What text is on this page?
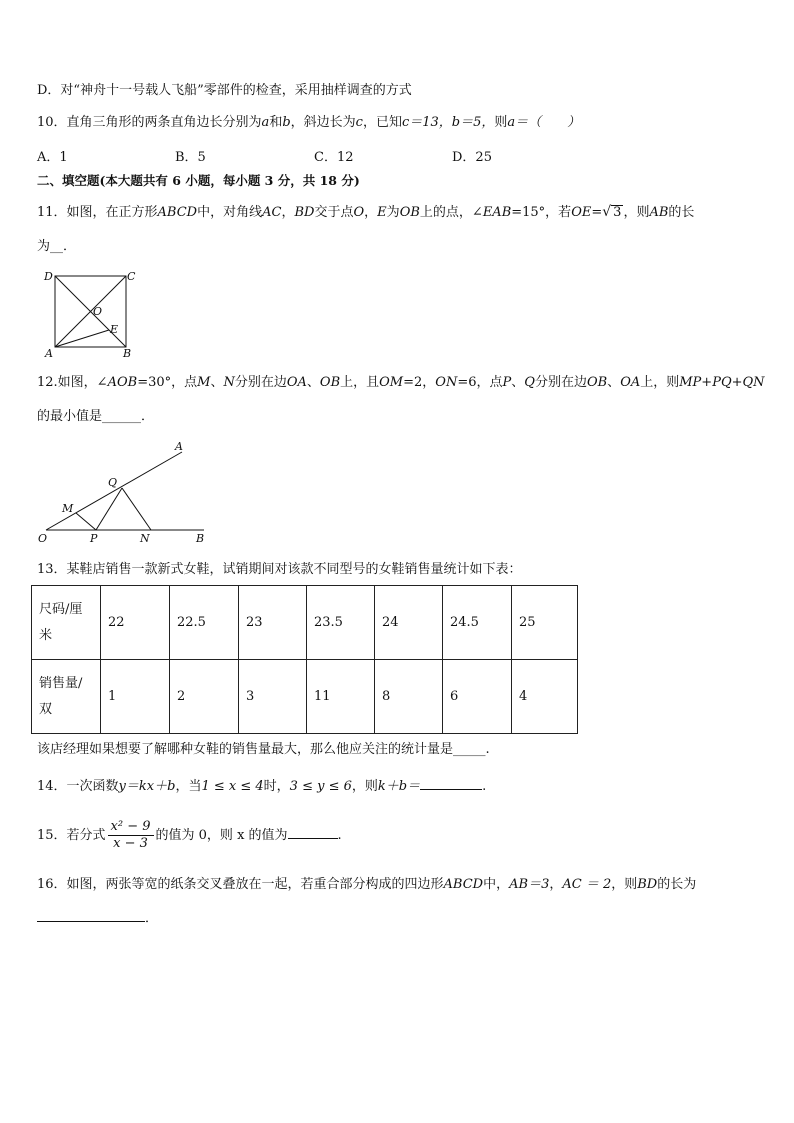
D．对“神舟十一号载人飞船”零部件的检查，采用抽样调查的方式
10．直角三角形的两条直角边长分别为a和b，斜边长为c，已知c＝13，b＝5，则a＝（　　）
A．1	B．5	C．12	D．25
二、填空题(本大题共有 6 小题，每小题 3 分，共 18 分)
11．如图，在正方形ABCD中，对角线AC，BD交于点O，E为OB上的点，∠EAB=15°，若OE=√ 3 ，则AB的长
为__．
D	C
O
E
A	B
12.如图，∠AOB=30°，点M、N分别在边OA、OB上，且OM=2，ON=6，点P、Q分别在边OB、OA上，则MP+PQ+QN
的最小值是______．
A
Q
M
O	P	N	B
13．某鞋店销售一款新式女鞋，试销期间对该款不同型号的女鞋销售量统计如下表：
尺码/厘
米	22	22.5	23	23.5	24	24.5	25

销售量/
双	1	2	3	11	8	6	4
该店经理如果想要了解哪种女鞋的销售量最大，那么他应关注的统计量是_____.
14．一次函数y＝kx＋b，当1 ≤ x ≤ 4时，3 ≤ y ≤ 6，则k＋b＝	.
15．若分式 $\frac{\text{x² − 9}}{x - 3}$ 的值为 0，则 x 的值为	.
16．如图，两张等宽的纸条交叉叠放在一起，若重合部分构成的四边形ABCD中，AB＝3，AC ＝ 2，则BD的长为
．
